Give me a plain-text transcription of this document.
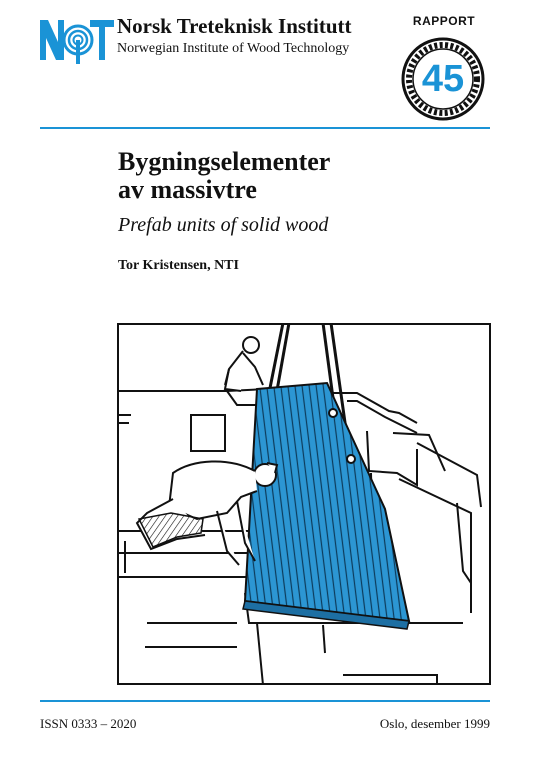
Norsk Treteknisk Institutt
Norwegian Institute of Wood Technology
RAPPORT
45
Bygningselementer
av massivtre
Prefab units of solid wood
Tor Kristensen, NTI
ISSN 0333 – 2020	Oslo, desember 1999
